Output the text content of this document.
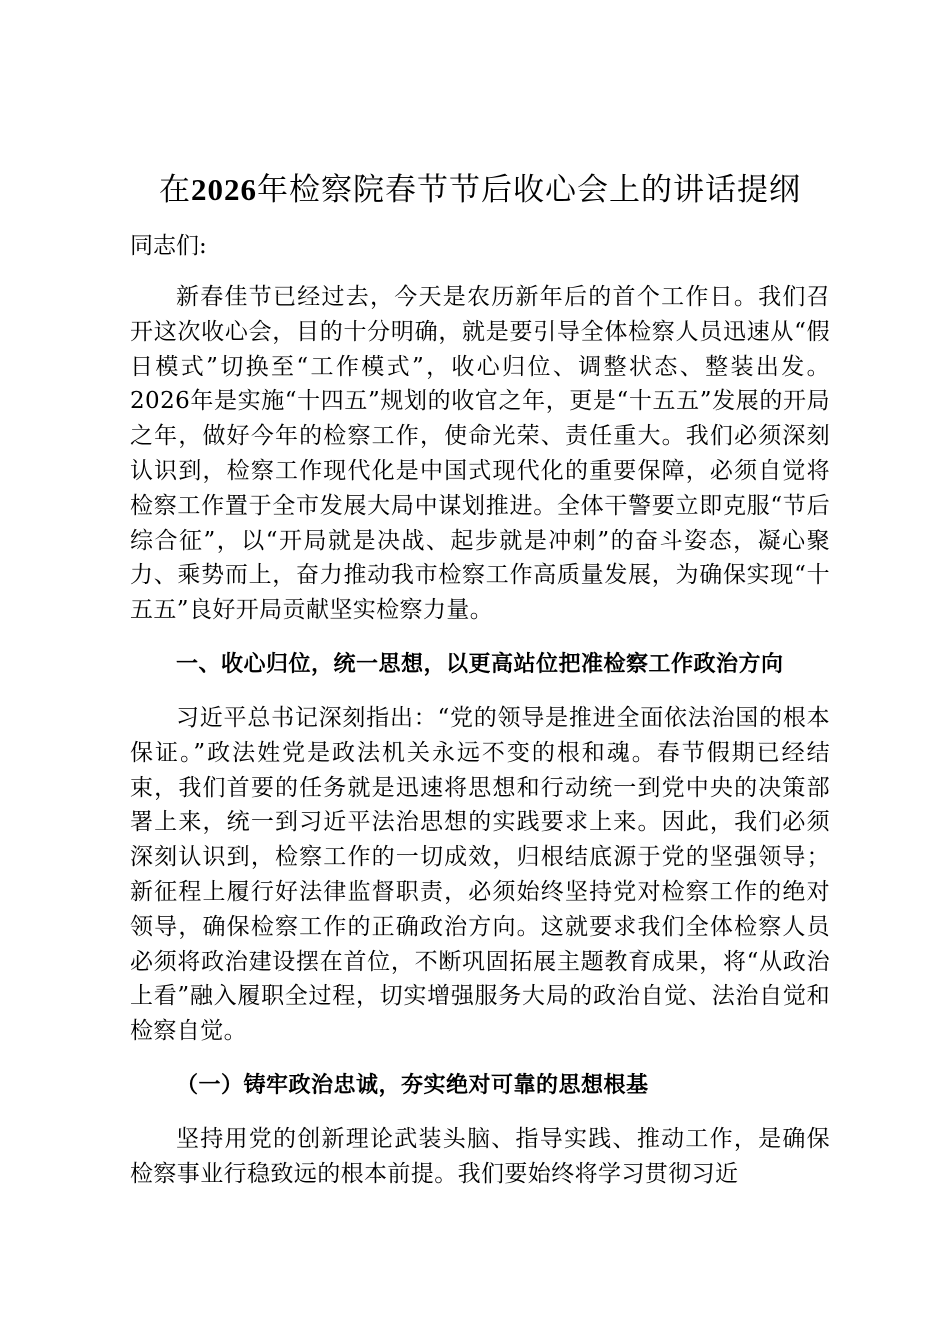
在2026年检察院春节节后收心会上的讲话提纲

同志们:

新春佳节已经过去，今天是农历新年后的首个工作日。我们召开这次收心会，目的十分明确，就是要引导全体检察人员迅速从“假日模式”切换至“工作模式”，收心归位、调整状态、整装出发。2026年是实施“十四五”规划的收官之年，更是“十五五”发展的开局之年，做好今年的检察工作，使命光荣、责任重大。我们必须深刻认识到，检察工作现代化是中国式现代化的重要保障，必须自觉将检察工作置于全市发展大局中谋划推进。全体干警要立即克服“节后综合征”，以“开局就是决战、起步就是冲刺”的奋斗姿态，凝心聚力、乘势而上，奋力推动我市检察工作高质量发展，为确保实现“十五五”良好开局贡献坚实检察力量。

一、收心归位，统一思想，以更高站位把准检察工作政治方向

习近平总书记深刻指出：“党的领导是推进全面依法治国的根本保证。”政法姓党是政法机关永远不变的根和魂。春节假期已经结束，我们首要的任务就是迅速将思想和行动统一到党中央的决策部署上来，统一到习近平法治思想的实践要求上来。因此，我们必须深刻认识到，检察工作的一切成效，归根结底源于党的坚强领导；新征程上履行好法律监督职责，必须始终坚持党对检察工作的绝对领导，确保检察工作的正确政治方向。这就要求我们全体检察人员必须将政治建设摆在首位，不断巩固拓展主题教育成果，将“从政治上看”融入履职全过程，切实增强服务大局的政治自觉、法治自觉和检察自觉。

（一）铸牢政治忠诚，夯实绝对可靠的思想根基

坚持用党的创新理论武装头脑、指导实践、推动工作，是确保检察事业行稳致远的根本前提。我们要始终将学习贯彻习近
